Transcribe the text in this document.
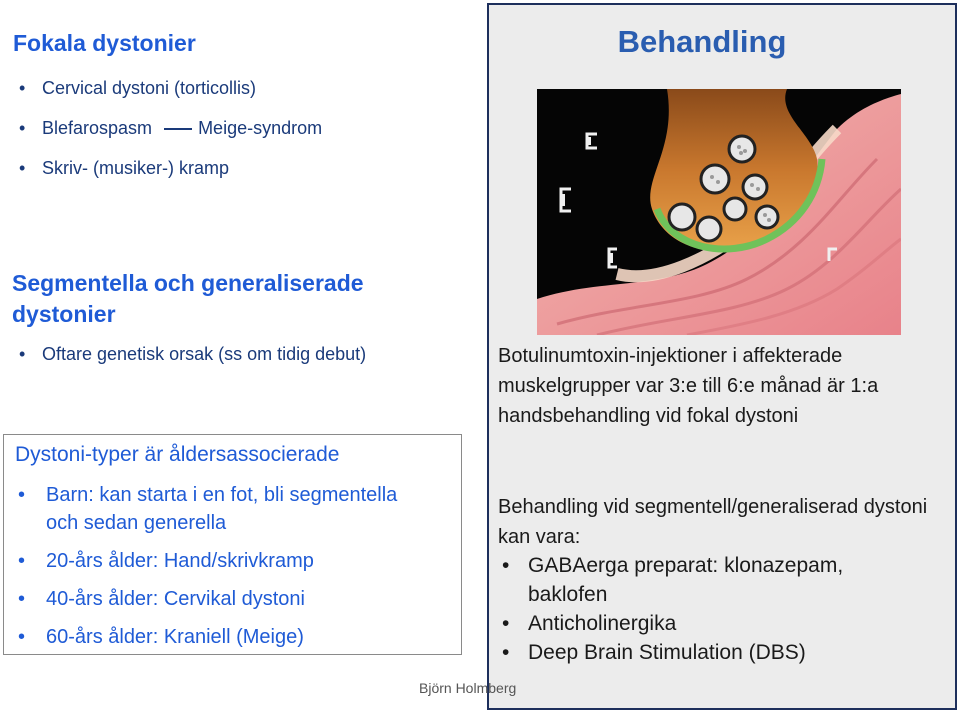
Fokala dystonier
• Cervical dystoni (torticollis)
• Blefarospasm	Meige-syndrom
• Skriv- (musiker-) kramp
Segmentella och generaliserade dystonier
• Oftare genetisk orsak (ss om tidig debut)
Dystoni-typer är åldersassocierade
• Barn: kan starta i en fot, bli segmentella och sedan generella
• 20-års ålder: Hand/skrivkramp
• 40-års ålder: Cervikal dystoni
• 60-års ålder: Kraniell (Meige)
Behandling
Botulinumtoxin-injektioner i affekterade muskelgrupper var 3:e till 6:e månad är 1:a handsbehandling vid fokal dystoni
Behandling vid segmentell/generaliserad dystoni kan vara:
• GABAerga preparat: klonazepam, baklofen
• Anticholinergika
• Deep Brain Stimulation (DBS)
Björn Holmberg
